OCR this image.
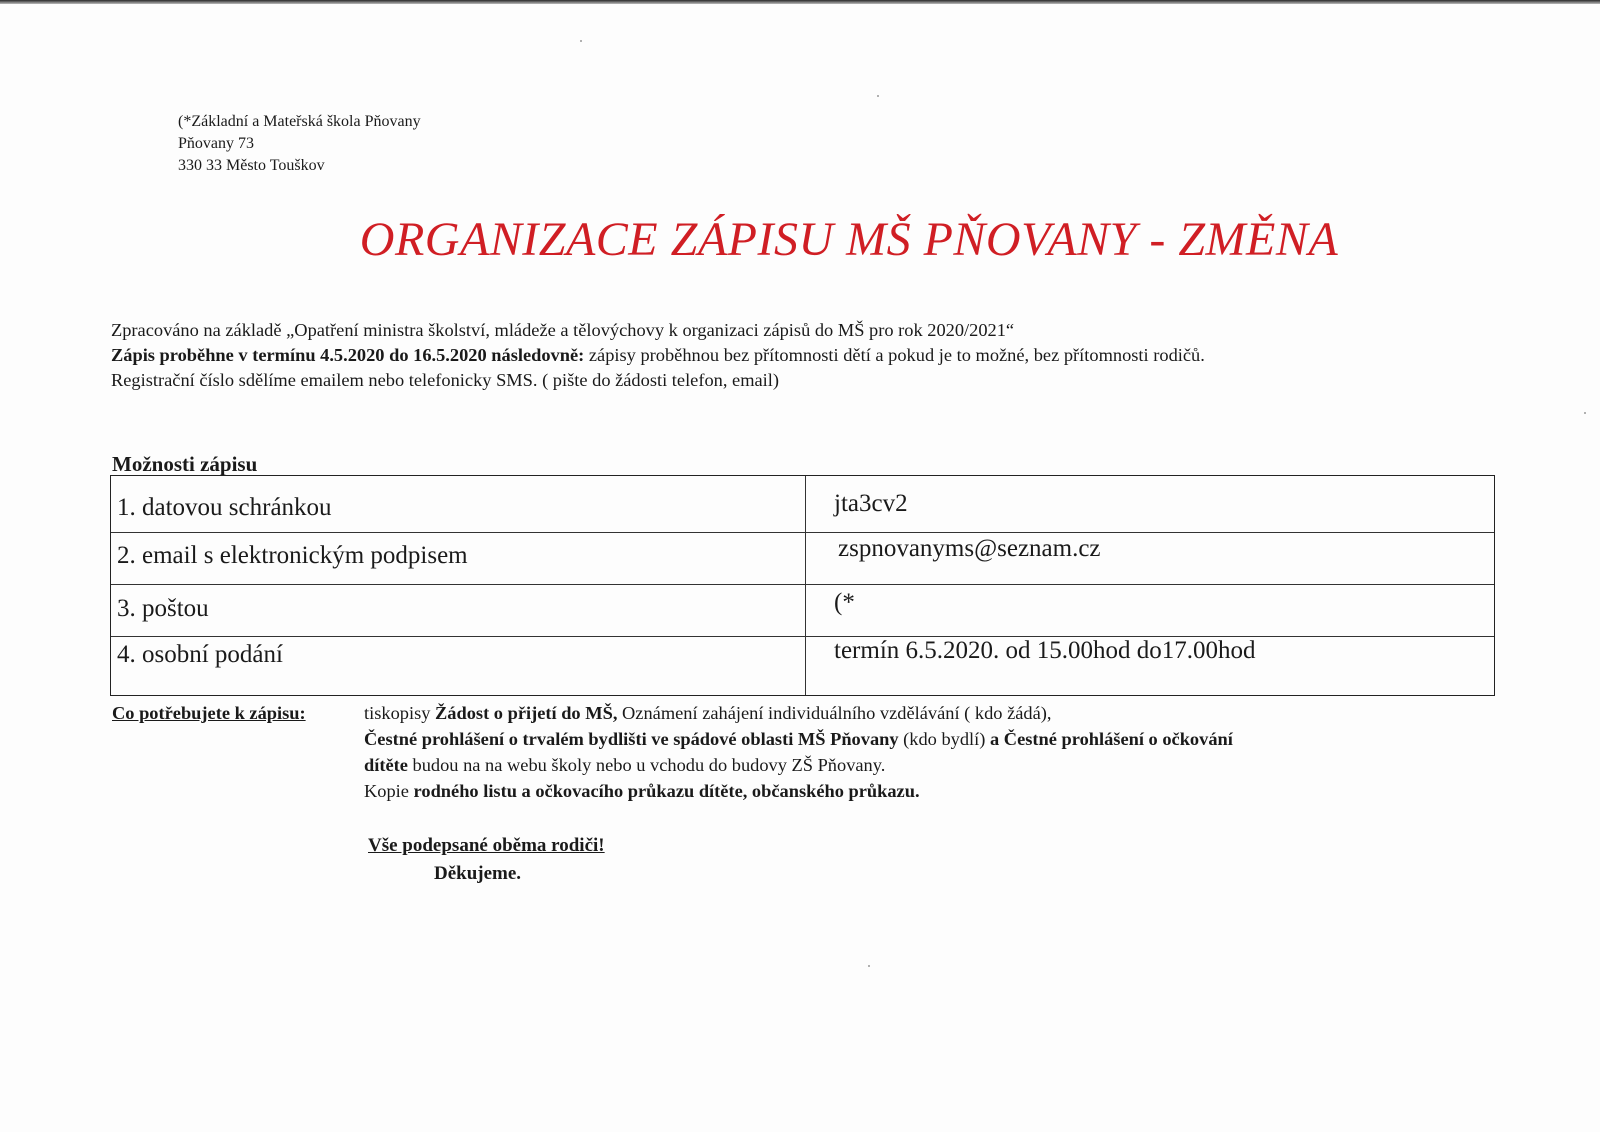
(*Základní a Mateřská škola Pňovany
Pňovany 73
330 33 Město Touškov
ORGANIZACE ZÁPISU MŠ PŇOVANY - ZMĚNA
Zpracováno na základě „Opatření ministra školství, mládeže a tělovýchovy k organizaci zápisů do MŠ pro rok 2020/2021“
Zápis proběhne v termínu 4.5.2020 do 16.5.2020 následovně: zápisy proběhnou bez přítomnosti dětí a pokud je to možné, bez přítomnosti rodičů.
Registrační číslo sdělíme emailem nebo telefonicky SMS. ( pište do žádosti telefon, email)
Možnosti zápisu
1. datovou schránkou	jta3cv2
2. email s elektronickým podpisem	zspnovanyms@seznam.cz
3. poštou	(*
4. osobní podání	termín 6.5.2020. od 15.00hod do17.00hod
Co potřebujete k zápisu:	tiskopisy Žádost o přijetí do MŠ, Oznámení zahájení individuálního vzdělávání ( kdo žádá),
Čestné prohlášení o trvalém bydlišti ve spádové oblasti MŠ Pňovany (kdo bydlí) a Čestné prohlášení o očkování
dítěte budou na na webu školy nebo u vchodu do budovy ZŠ Pňovany.
Kopie rodného listu a očkovacího průkazu dítěte, občanského průkazu.
Vše podepsané oběma rodiči!
Děkujeme.
